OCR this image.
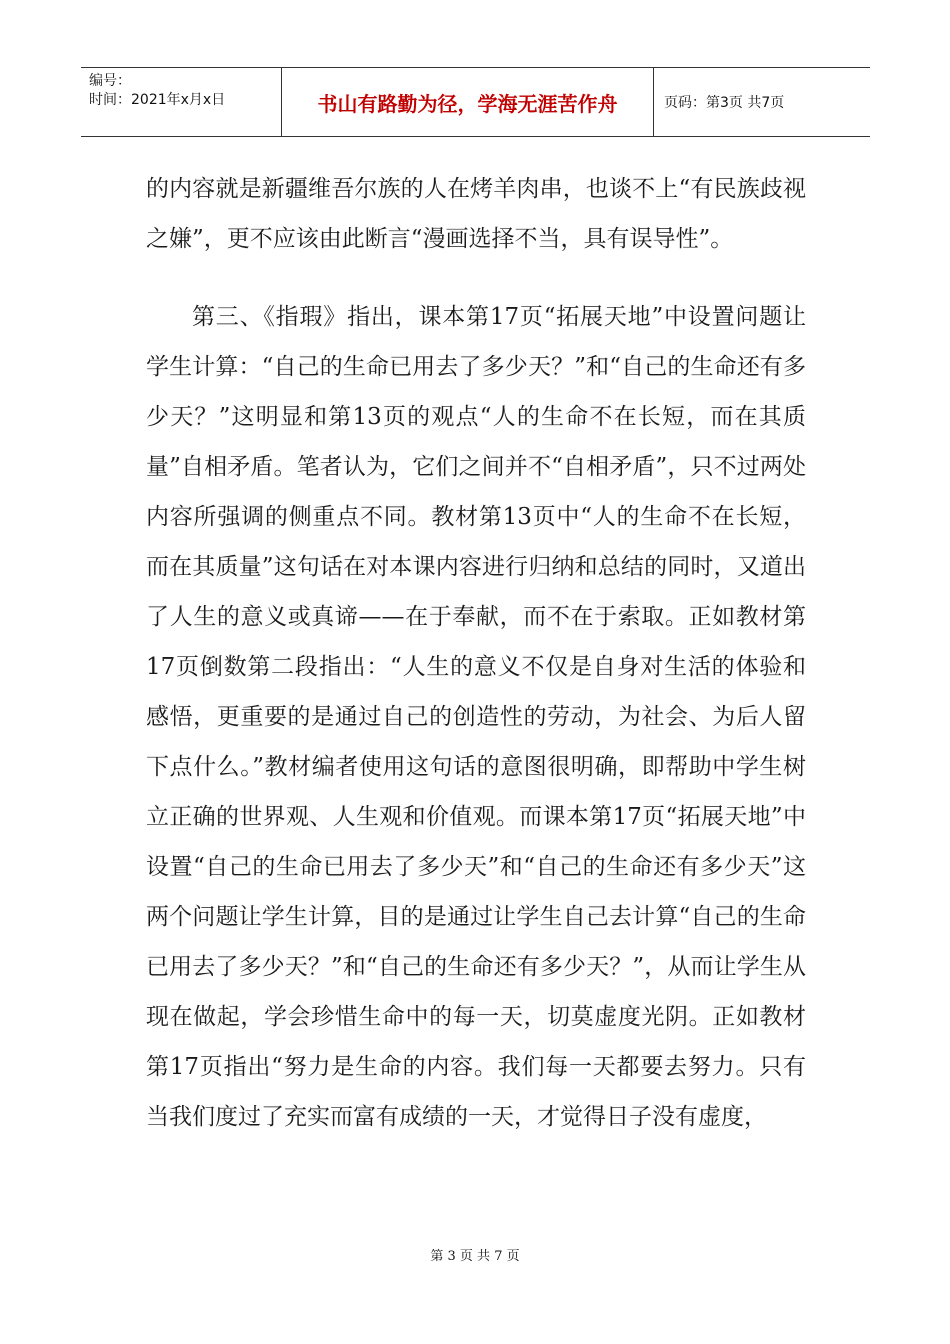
编号：
时间：2021年x月x日	书山有路勤为径，学海无涯苦作舟	页码：第3页 共7页

的内容就是新疆维吾尔族的人在烤羊肉串，也谈不上“有民族歧视之嫌”，更不应该由此断言“漫画选择不当，具有误导性”。

第三、《指瑕》指出，课本第17页“拓展天地”中设置问题让学生计算：“自己的生命已用去了多少天？”和“自己的生命还有多少天？”这明显和第13页的观点“人的生命不在长短，而在其质量”自相矛盾。笔者认为，它们之间并不“自相矛盾”，只不过两处内容所强调的侧重点不同。教材第13页中“人的生命不在长短，而在其质量”这句话在对本课内容进行归纳和总结的同时，又道出了人生的意义或真谛——在于奉献，而不在于索取。正如教材第17页倒数第二段指出：“人生的意义不仅是自身对生活的体验和感悟，更重要的是通过自己的创造性的劳动，为社会、为后人留下点什么。”教材编者使用这句话的意图很明确，即帮助中学生树立正确的世界观、人生观和价值观。而课本第17页“拓展天地”中设置“自己的生命已用去了多少天”和“自己的生命还有多少天”这两个问题让学生计算，目的是通过让学生自己去计算“自己的生命已用去了多少天？”和“自己的生命还有多少天？”，从而让学生从现在做起，学会珍惜生命中的每一天，切莫虚度光阴。正如教材第17页指出“努力是生命的内容。我们每一天都要去努力。只有当我们度过了充实而富有成绩的一天，才觉得日子没有虚度，

第 3 页 共 7 页
